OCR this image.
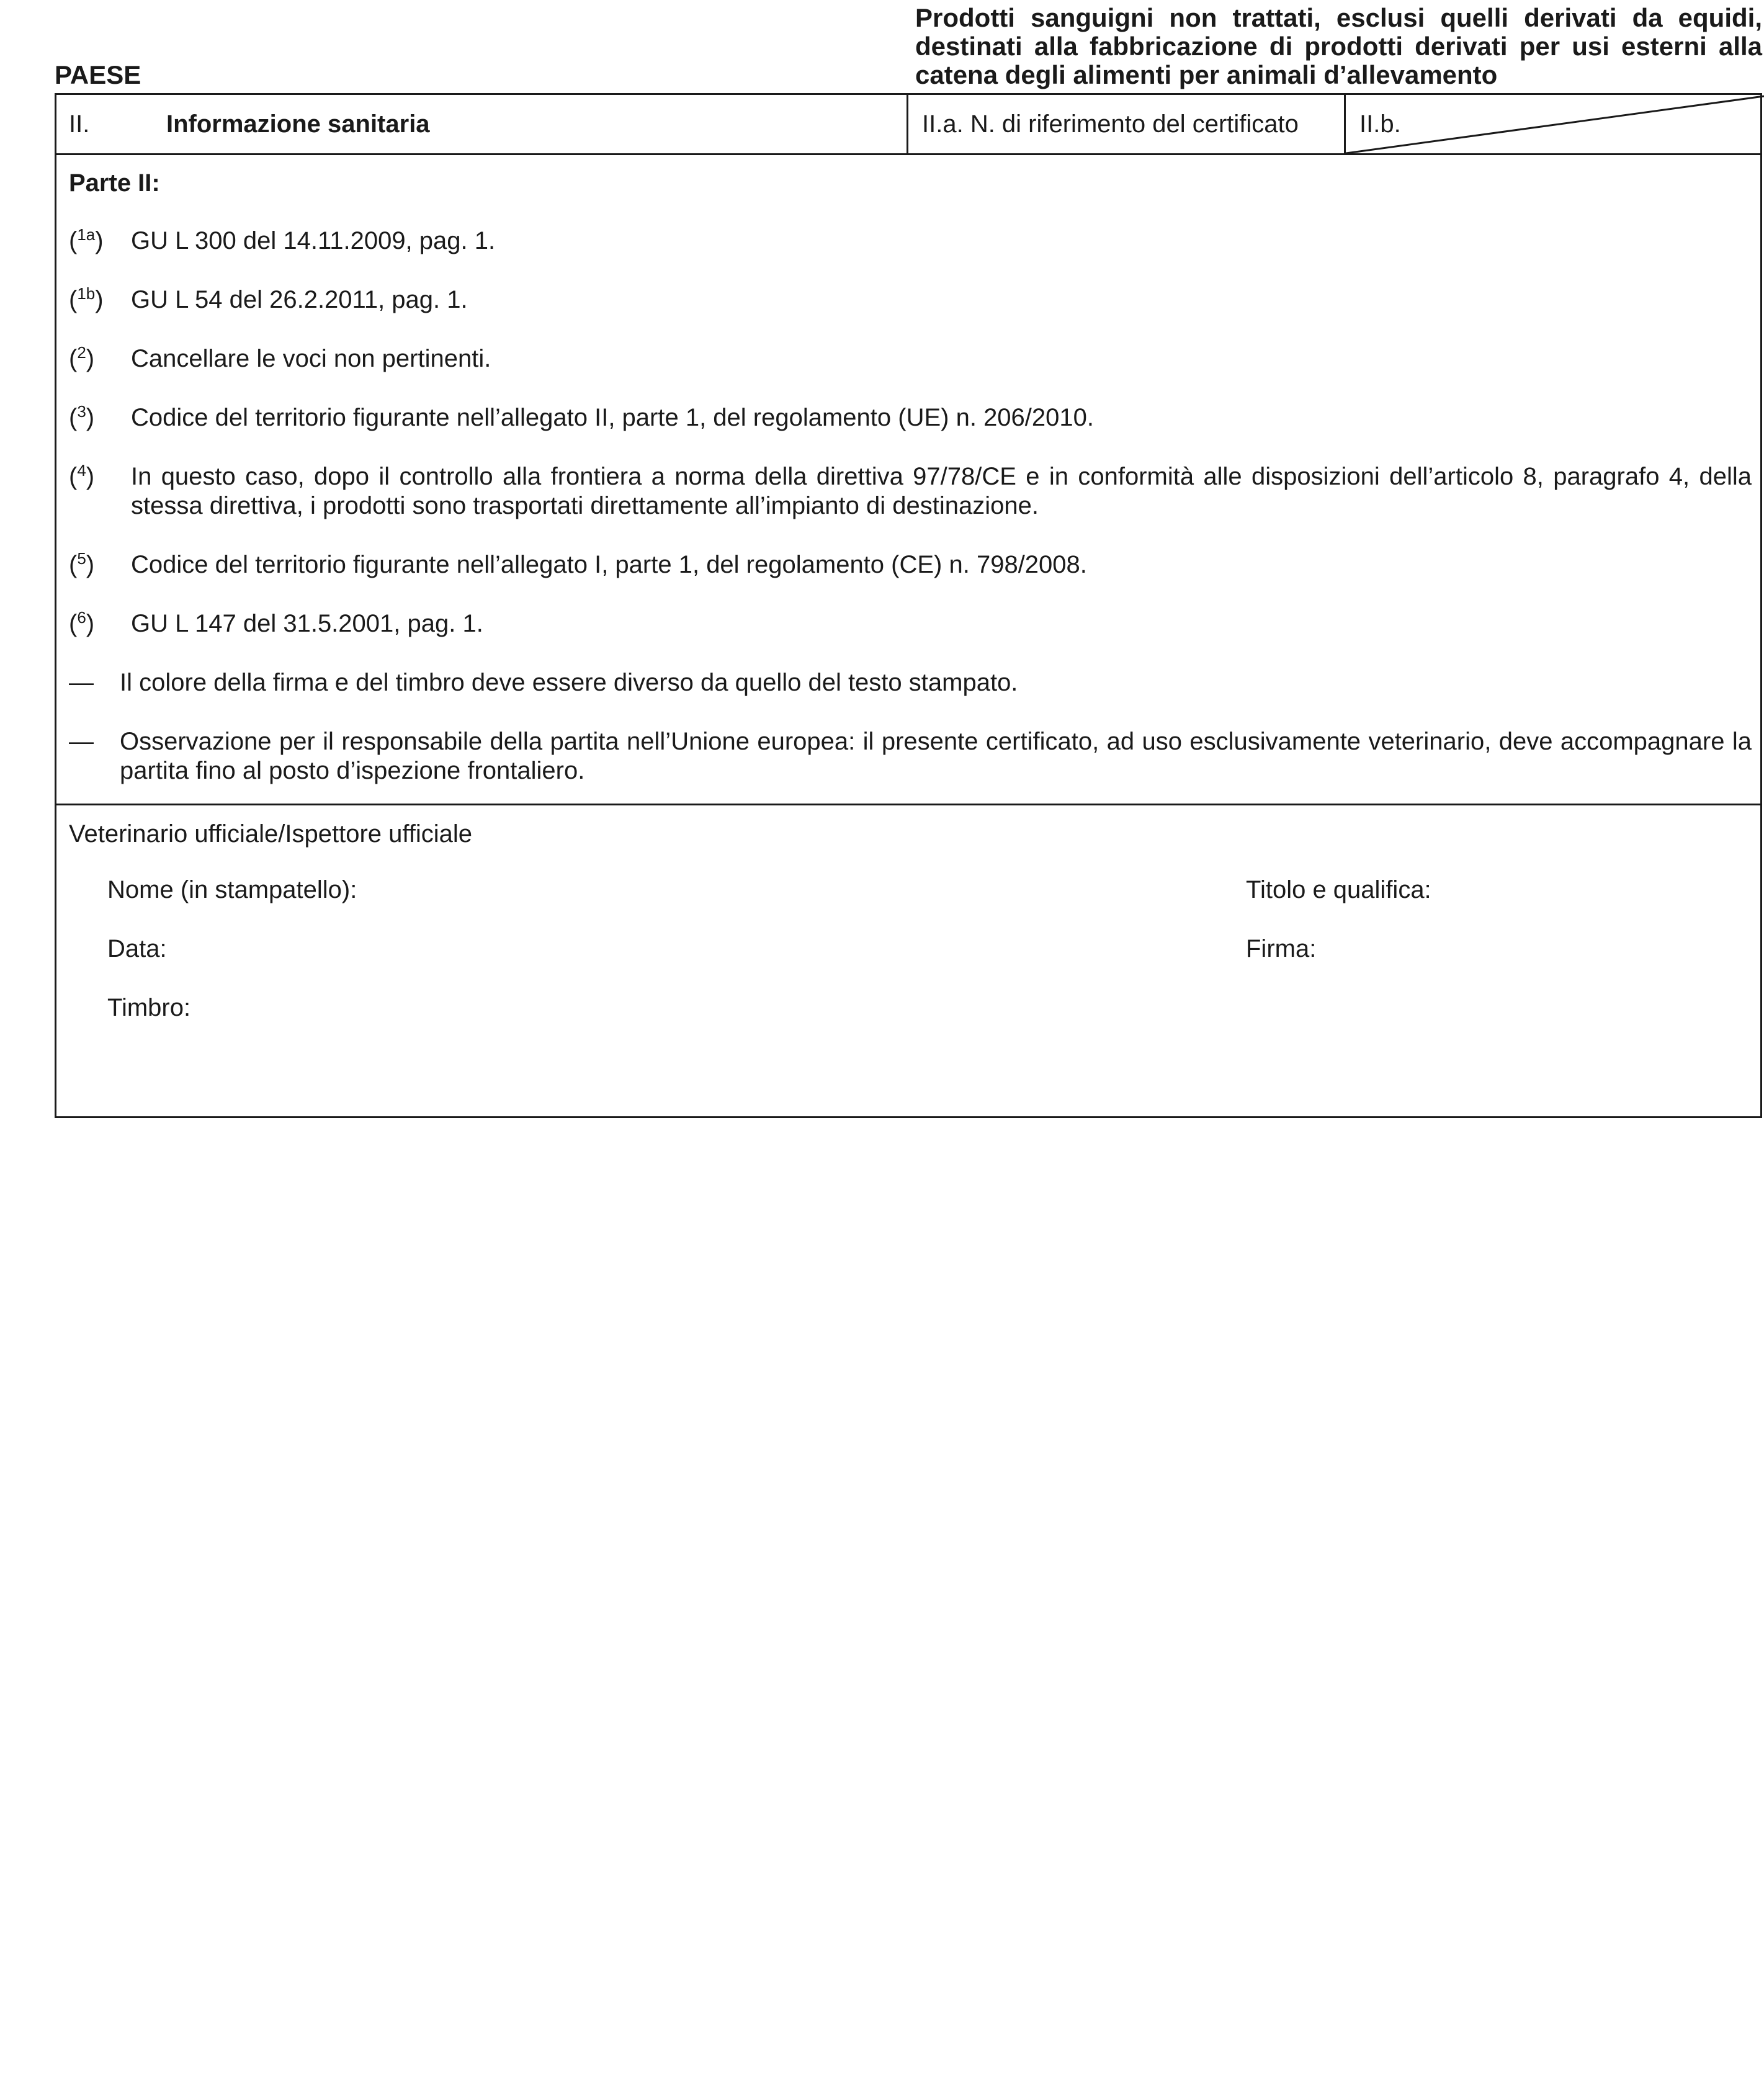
PAESE
Prodotti sanguigni non trattati, esclusi quelli derivati da equidi, destinati alla fabbricazione di prodotti derivati per usi esterni alla catena degli alimenti per animali d’allevamento
II.	Informazione sanitaria	II.a. N. di riferimento del certificato	II.b.
Parte II:
($^{1a}$) GU L 300 del 14.11.2009, pag. 1.
($^{1b}$) GU L 54 del 26.2.2011, pag. 1.
($^2$) Cancellare le voci non pertinenti.
($^3$) Codice del territorio figurante nell’allegato II, parte 1, del regolamento (UE) n. 206/2010.
($^4$) In questo caso, dopo il controllo alla frontiera a norma della direttiva 97/78/CE e in conformità alle disposizioni dell’articolo 8, paragrafo 4, della stessa direttiva, i prodotti sono trasportati direttamente all’impianto di destinazione.
($^5$) Codice del territorio figurante nell’allegato I, parte 1, del regolamento (CE) n. 798/2008.
($^6$) GU L 147 del 31.5.2001, pag. 1.
— Il colore della firma e del timbro deve essere diverso da quello del testo stampato.
— Osservazione per il responsabile della partita nell’Unione europea: il presente certificato, ad uso esclusivamente veterinario, deve accompagnare la partita fino al posto d’ispezione frontaliero.
Veterinario ufficiale/Ispettore ufficiale
Nome (in stampatello):	Titolo e qualifica:
Data:	Firma:
Timbro:
